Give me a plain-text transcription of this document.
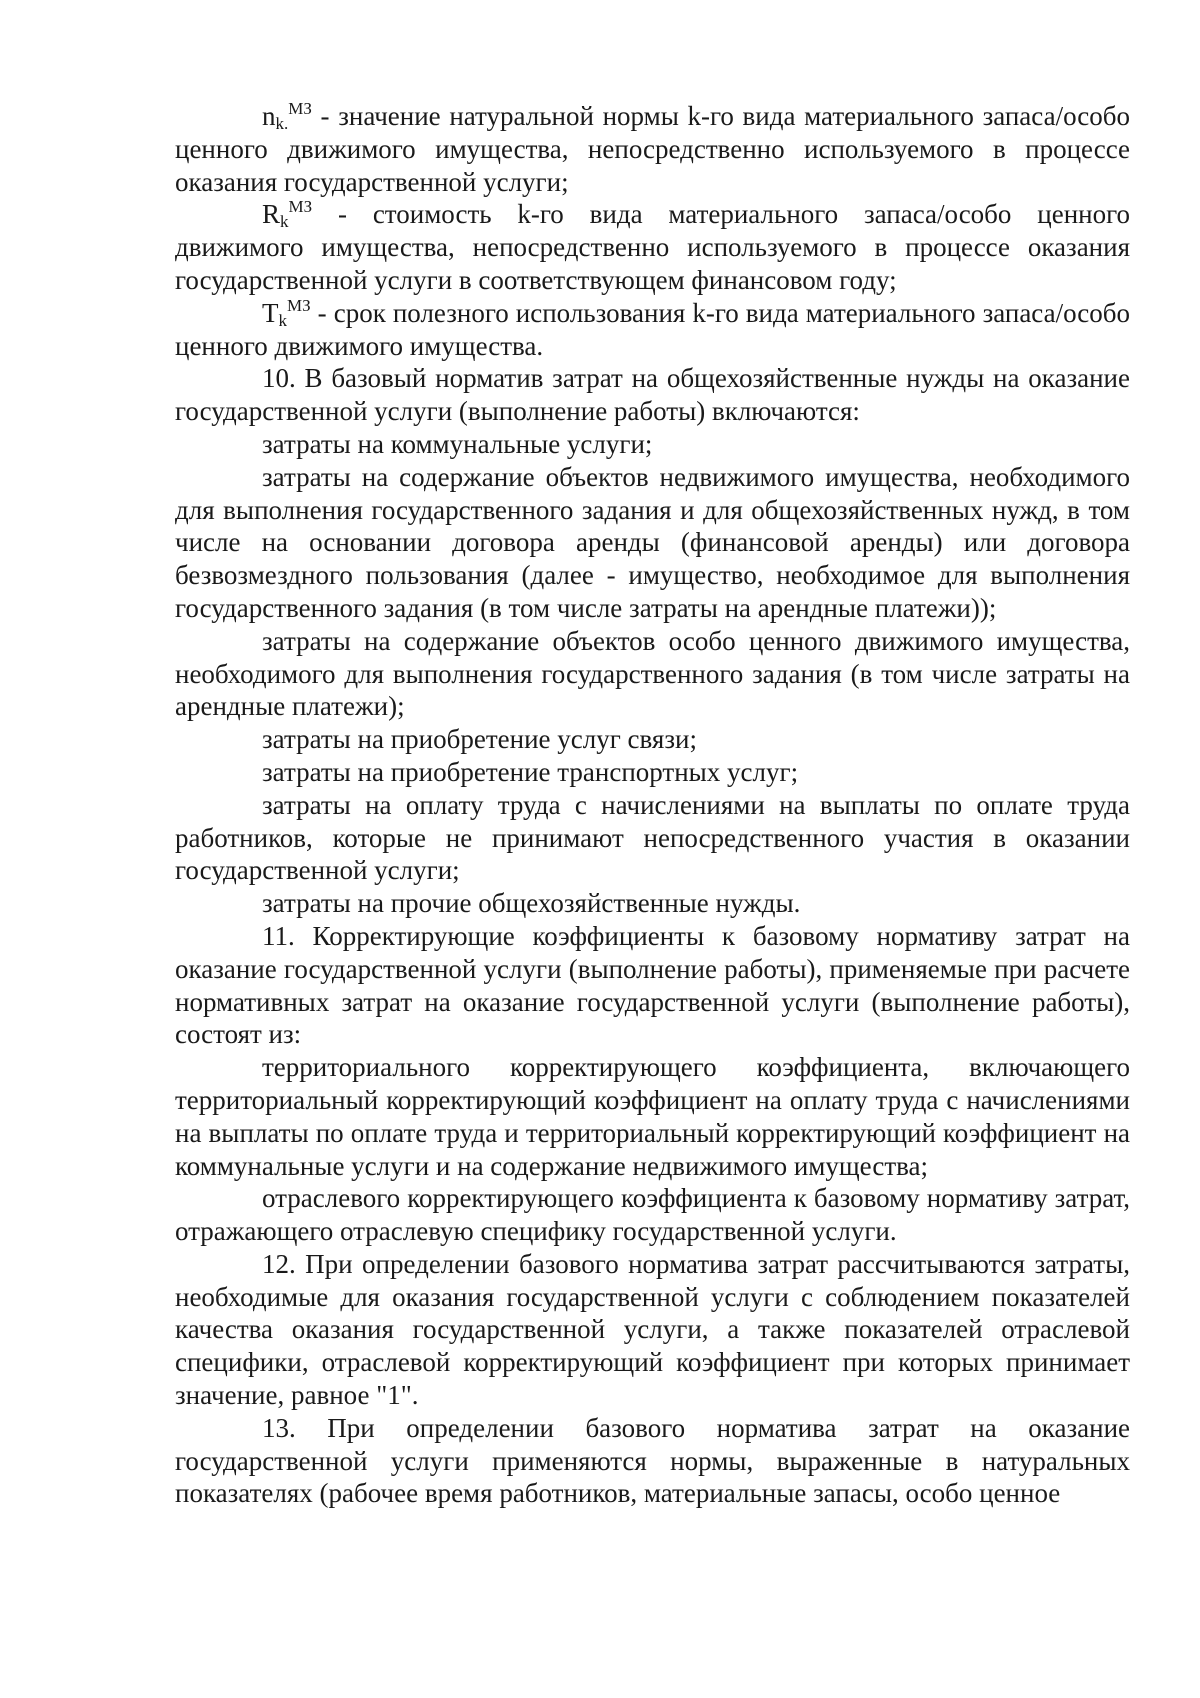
$n_{k.}^{МЗ}$ - значение натуральной нормы k-го вида материального запаса/особо ценного движимого имущества, непосредственно используемого в процессе оказания государственной услуги;

$R_k^{МЗ}$ - стоимость k-го вида материального запаса/особо ценного движимого имущества, непосредственно используемого в процессе оказания государственной услуги в соответствующем финансовом году;

$T_k^{МЗ}$ - срок полезного использования k-го вида материального запаса/особо ценного движимого имущества.

10. В базовый норматив затрат на общехозяйственные нужды на оказание государственной услуги (выполнение работы) включаются:

затраты на коммунальные услуги;

затраты на содержание объектов недвижимого имущества, необходимого для выполнения государственного задания и для общехозяйственных нужд, в том числе на основании договора аренды (финансовой аренды) или договора безвозмездного пользования (далее - имущество, необходимое для выполнения государственного задания (в том числе затраты на арендные платежи));

затраты на содержание объектов особо ценного движимого имущества, необходимого для выполнения государственного задания (в том числе затраты на арендные платежи);

затраты на приобретение услуг связи;

затраты на приобретение транспортных услуг;

затраты на оплату труда с начислениями на выплаты по оплате труда работников, которые не принимают непосредственного участия в оказании государственной услуги;

затраты на прочие общехозяйственные нужды.

11. Корректирующие коэффициенты к базовому нормативу затрат на оказание государственной услуги (выполнение работы), применяемые при расчете нормативных затрат на оказание государственной услуги (выполнение работы), состоят из:

территориального корректирующего коэффициента, включающего территориальный корректирующий коэффициент на оплату труда с начислениями на выплаты по оплате труда и территориальный корректирующий коэффициент на коммунальные услуги и на содержание недвижимого имущества;

отраслевого корректирующего коэффициента к базовому нормативу затрат, отражающего отраслевую специфику государственной услуги.

12. При определении базового норматива затрат рассчитываются затраты, необходимые для оказания государственной услуги с соблюдением показателей качества оказания государственной услуги, а также показателей отраслевой специфики, отраслевой корректирующий коэффициент при которых принимает значение, равное "1".

13. При определении базового норматива затрат на оказание государственной услуги применяются нормы, выраженные в натуральных показателях (рабочее время работников, материальные запасы, особо ценное
